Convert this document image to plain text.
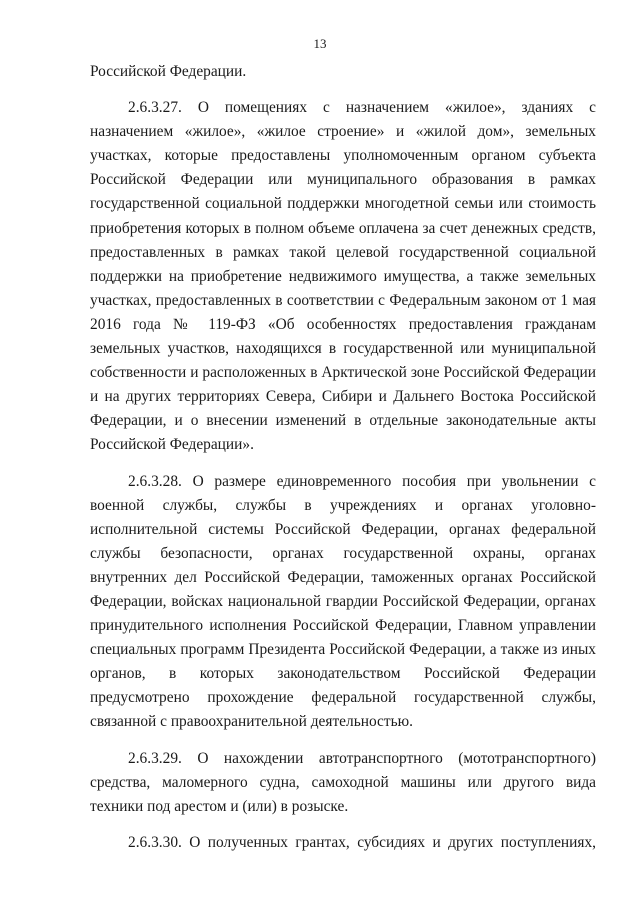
13

Российской Федерации.

2.6.3.27. О помещениях с назначением «жилое», зданиях с назначением «жилое», «жилое строение» и «жилой дом», земельных участках, которые предоставлены уполномоченным органом субъекта Российской Федерации или муниципального образования в рамках государственной социальной поддержки многодетной семьи или стоимость приобретения которых в полном объеме оплачена за счет денежных средств, предоставленных в рамках такой целевой государственной социальной поддержки на приобретение недвижимого имущества, а также земельных участках, предоставленных в соответствии с Федеральным законом от 1 мая 2016 года № 119-ФЗ «Об особенностях предоставления гражданам земельных участков, находящихся в государственной или муниципальной собственности и расположенных в Арктической зоне Российской Федерации и на других территориях Севера, Сибири и Дальнего Востока Российской Федерации, и о внесении изменений в отдельные законодательные акты Российской Федерации».

2.6.3.28. О размере единовременного пособия при увольнении с военной службы, службы в учреждениях и органах уголовно-исполнительной системы Российской Федерации, органах федеральной службы безопасности, органах государственной охраны, органах внутренних дел Российской Федерации, таможенных органах Российской Федерации, войсках национальной гвардии Российской Федерации, органах принудительного исполнения Российской Федерации, Главном управлении специальных программ Президента Российской Федерации, а также из иных органов, в которых законодательством Российской Федерации предусмотрено прохождение федеральной государственной службы, связанной с правоохранительной деятельностью.

2.6.3.29. О нахождении автотранспортного (мототранспортного) средства, маломерного судна, самоходной машины или другого вида техники под арестом и (или) в розыске.

2.6.3.30. О полученных грантах, субсидиях и других поступлениях,
